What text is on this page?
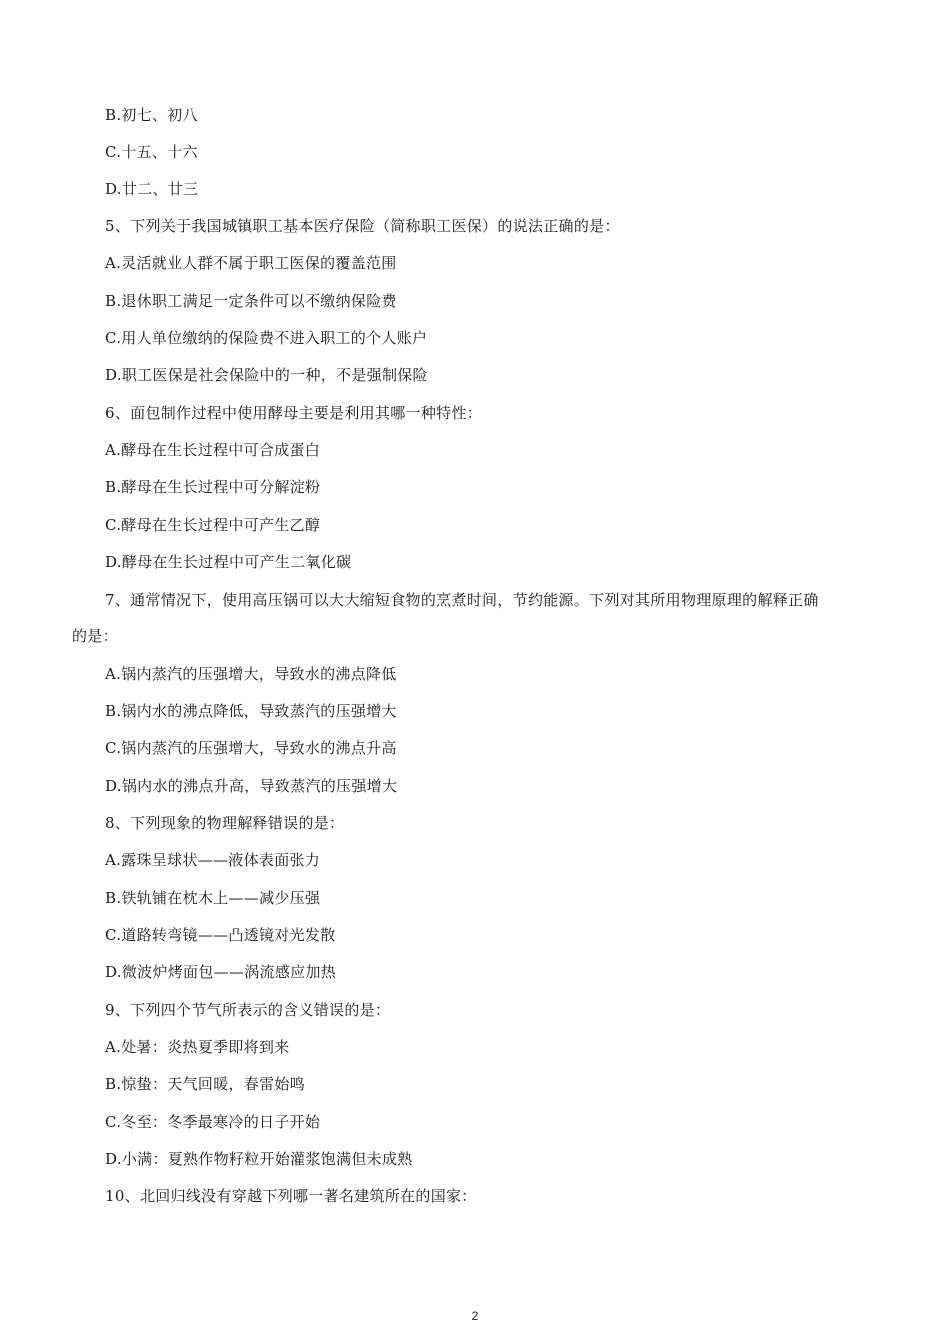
B.初七、初八
C.十五、十六
D.廿二、廿三
5、下列关于我国城镇职工基本医疗保险（简称职工医保）的说法正确的是：
A.灵活就业人群不属于职工医保的覆盖范围
B.退休职工满足一定条件可以不缴纳保险费
C.用人单位缴纳的保险费不进入职工的个人账户
D.职工医保是社会保险中的一种，不是强制保险
6、面包制作过程中使用酵母主要是利用其哪一种特性：
A.酵母在生长过程中可合成蛋白
B.酵母在生长过程中可分解淀粉
C.酵母在生长过程中可产生乙醇
D.酵母在生长过程中可产生二氧化碳
7、通常情况下，使用高压锅可以大大缩短食物的烹煮时间，节约能源。下列对其所用物理原理的解释正确
的是：
A.锅内蒸汽的压强增大，导致水的沸点降低
B.锅内水的沸点降低，导致蒸汽的压强增大
C.锅内蒸汽的压强增大，导致水的沸点升高
D.锅内水的沸点升高，导致蒸汽的压强增大
8、下列现象的物理解释错误的是：
A.露珠呈球状——液体表面张力
B.铁轨铺在枕木上——减少压强
C.道路转弯镜——凸透镜对光发散
D.微波炉烤面包——涡流感应加热
9、下列四个节气所表示的含义错误的是：
A.处暑：炎热夏季即将到来
B.惊蛰：天气回暖，春雷始鸣
C.冬至：冬季最寒冷的日子开始
D.小满：夏熟作物籽粒开始灌浆饱满但未成熟
10、北回归线没有穿越下列哪一著名建筑所在的国家：
2
